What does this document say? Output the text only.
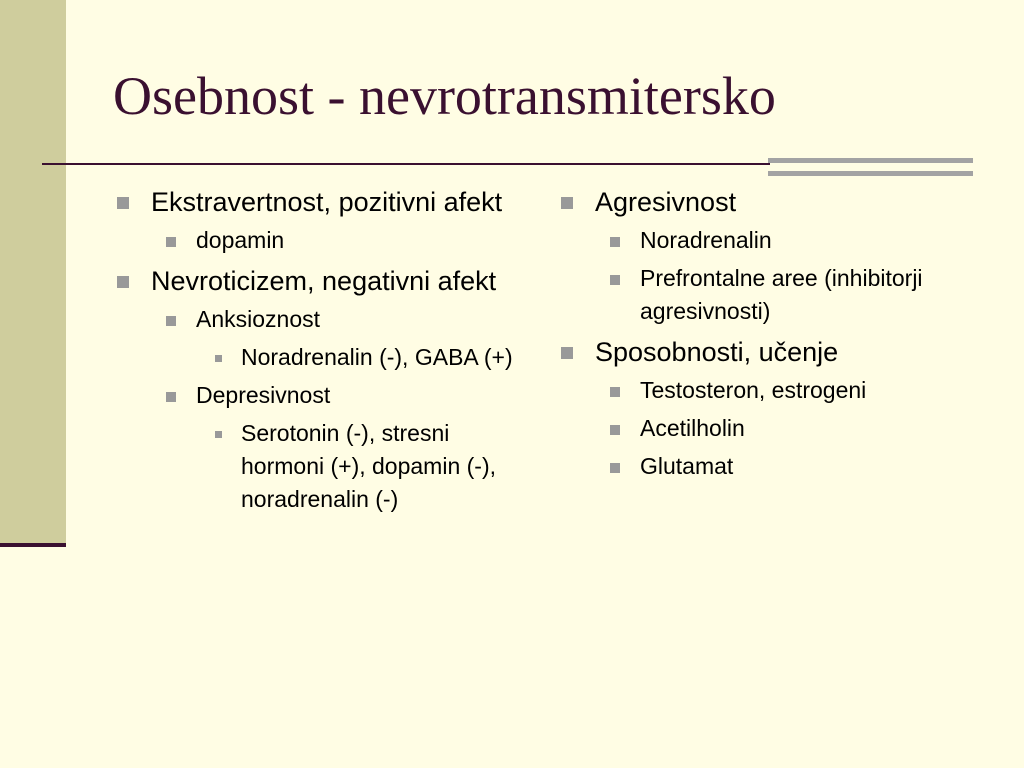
Osebnost - nevrotransmitersko
Ekstravertnost, pozitivni afekt
dopamin
Nevroticizem, negativni afekt
Anksioznost
Noradrenalin (-), GABA (+)
Depresivnost
Serotonin (-), stresni hormoni (+), dopamin (-), noradrenalin (-)
Agresivnost
Noradrenalin
Prefrontalne aree (inhibitorji agresivnosti)
Sposobnosti, učenje
Testosteron, estrogeni
Acetilholin
Glutamat
